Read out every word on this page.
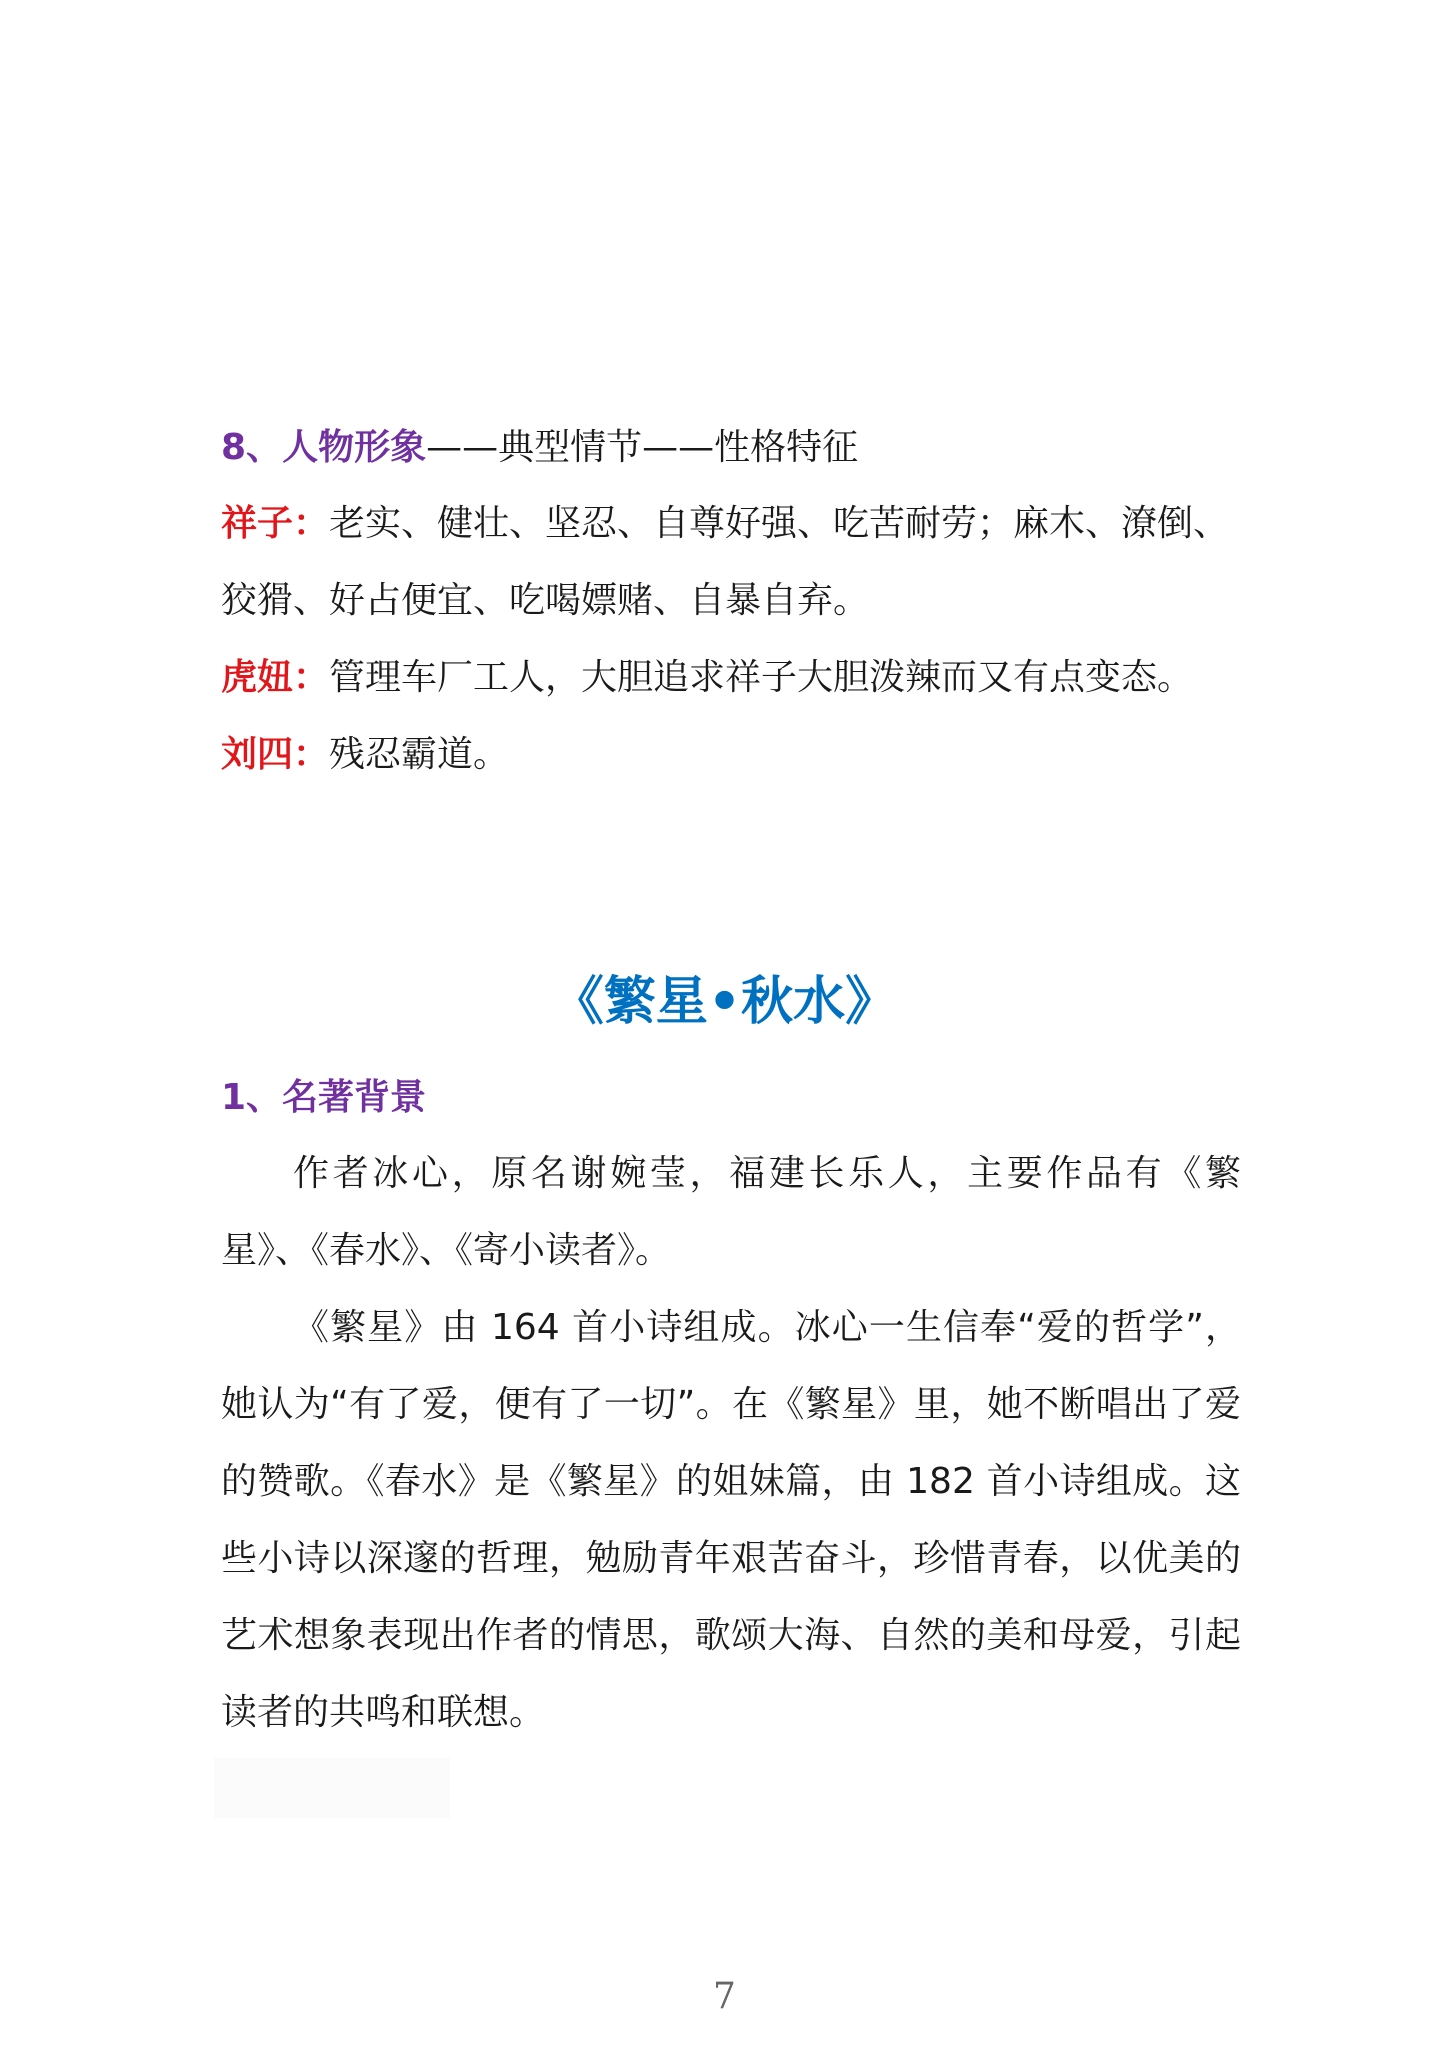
8、人物形象——典型情节——性格特征
祥子：老实、健壮、坚忍、自尊好强、吃苦耐劳；麻木、潦倒、
狡猾、好占便宜、吃喝嫖赌、自暴自弃。
虎妞：管理车厂工人，大胆追求祥子大胆泼辣而又有点变态。
刘四：残忍霸道。
《繁星•秋水》
1、名著背景
作者冰心，原名谢婉莹，福建长乐人，主要作品有《繁星》、《春水》、《寄小读者》。
《繁星》由 164 首小诗组成。冰心一生信奉“爱的哲学”，她认为“有了爱，便有了一切”。在《繁星》里，她不断唱出了爱的赞歌。《春水》是《繁星》的姐妹篇，由 182 首小诗组成。这些小诗以深邃的哲理，勉励青年艰苦奋斗，珍惜青春，以优美的艺术想象表现出作者的情思，歌颂大海、自然的美和母爱，引起读者的共鸣和联想。
7
